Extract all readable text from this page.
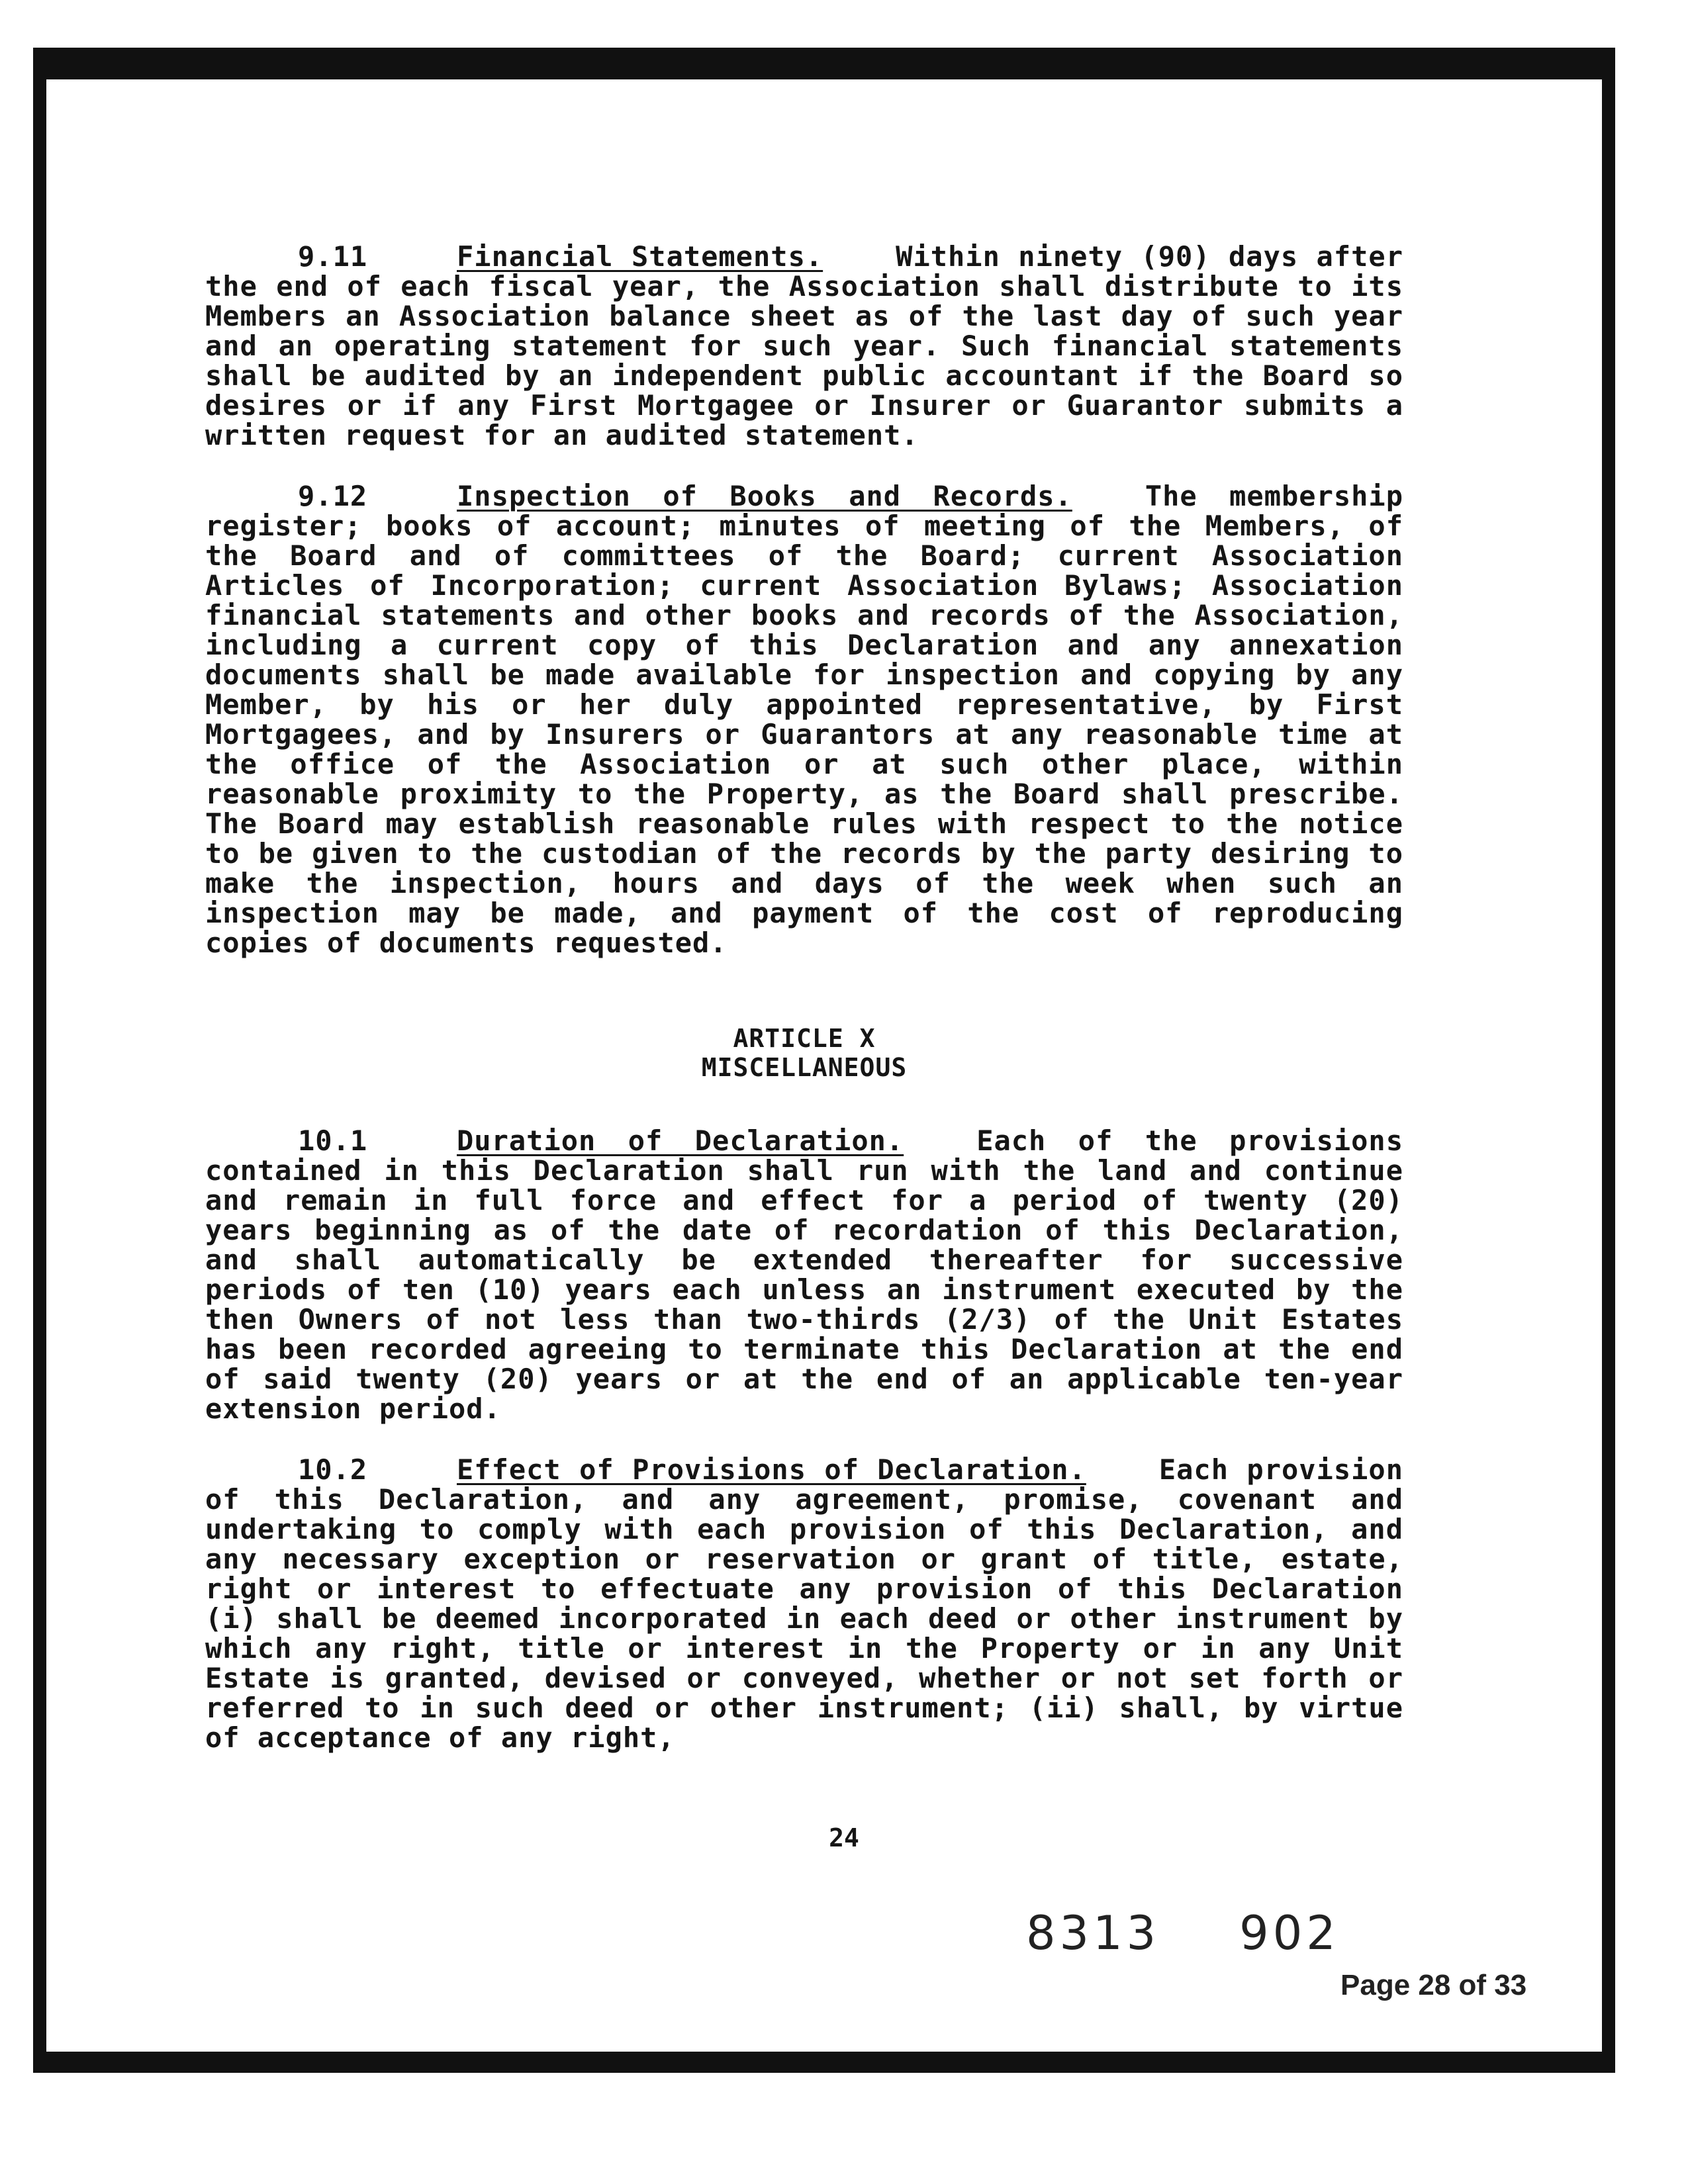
9.11	Financial Statements.	Within ninety (90) days after the end of each fiscal year, the Association shall distribute to its Members an Association balance sheet as of the last day of such year and an operating statement for such year. Such financial statements shall be audited by an independent public accountant if the Board so desires or if any First Mortgagee or Insurer or Guarantor submits a written request for an audited statement.

9.12	Inspection of Books and Records.	The membership register; books of account; minutes of meeting of the Members, of the Board and of committees of the Board; current Association Articles of Incorporation; current Association Bylaws; Association financial statements and other books and records of the Association, including a current copy of this Declaration and any annexation documents shall be made available for inspection and copying by any Member, by his or her duly appointed representative, by First Mortgagees, and by Insurers or Guarantors at any reasonable time at the office of the Association or at such other place, within reasonable proximity to the Property, as the Board shall prescribe. The Board may establish reasonable rules with respect to the notice to be given to the custodian of the records by the party desiring to make the inspection, hours and days of the week when such an inspection may be made, and payment of the cost of reproducing copies of documents requested.

ARTICLE X
MISCELLANEOUS

10.1	Duration of Declaration.	Each of the provisions contained in this Declaration shall run with the land and continue and remain in full force and effect for a period of twenty (20) years beginning as of the date of recordation of this Declaration, and shall automatically be extended thereafter for successive periods of ten (10) years each unless an instrument executed by the then Owners of not less than two-thirds (2/3) of the Unit Estates has been recorded agreeing to terminate this Declaration at the end of said twenty (20) years or at the end of an applicable ten-year extension period.

10.2	Effect of Provisions of Declaration.	Each provision of this Declaration, and any agreement, promise, covenant and undertaking to comply with each provision of this Declaration, and any necessary exception or reservation or grant of title, estate, right or interest to effectuate any provision of this Declaration (i) shall be deemed incorporated in each deed or other instrument by which any right, title or interest in the Property or in any Unit Estate is granted, devised or conveyed, whether or not set forth or referred to in such deed or other instrument; (ii) shall, by virtue of acceptance of any right,

24
8313 902
Page 28 of 33
